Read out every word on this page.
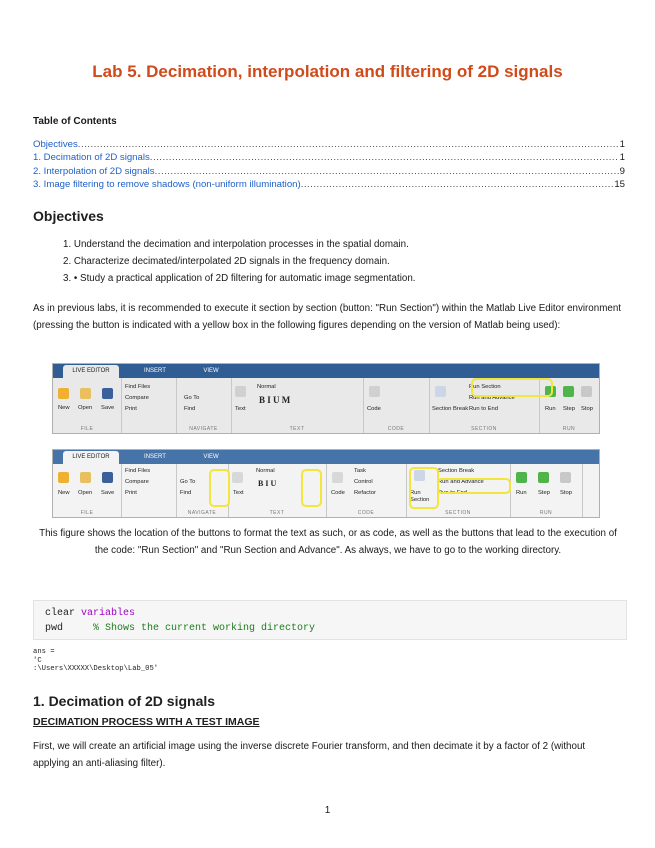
Lab 5. Decimation, interpolation and filtering of 2D signals
Table of Contents
Objectives .....	1
1. Decimation of 2D signals .....	1
2. Interpolation of 2D signals .....	9
3. Image filtering to remove shadows (non-uniform illumination) .....	15
Objectives
1. Understand the decimation and interpolation processes in the spatial domain.
2. Characterize decimated/interpolated 2D signals in the frequency domain.
3. • Study a practical application of 2D filtering for automatic image segmentation.
As in previous labs, it is recommended to execute it section by section (button: "Run Section") within the Matlab Live Editor environment (pressing the button is indicated with a yellow box in the following figures depending on the version of Matlab being used):
LIVE EDITOR	INSERT	VIEW
New Open Save
FILE
Find Files
Compare
Print
Go To
Find
NAVIGATE
Text
Normal
B I U M
TEXT
Code
CODE
Section Break
Run Section
Run and Advance
Run to End
SECTION
Run Step Stop
RUN
LIVE EDITOR	INSERT	VIEW
New Open Save
FILE
Find Files
Compare
Print
Go To
Find
NAVIGATE
Text
Normal
B I U
TEXT
Code
Task
Control
Refactor
CODE
Run Section
Section Break
Run and Advance
Run to End
SECTION
Run Step Stop
RUN
This figure shows the location of the buttons to format the text as such, or as code, as well as the buttons that lead to the execution of the code: "Run Section" and "Run Section and Advance". As always, we have to go to the working directory.
clear variables
pwd     % Shows the current working directory
ans =
'C
:\Users\XXXXX\Desktop\Lab_05'
1. Decimation of 2D signals
DECIMATION PROCESS WITH A TEST IMAGE
First, we will create an artificial image using the inverse discrete Fourier transform, and then decimate it by a factor of 2 (without applying an anti-aliasing filter).
1
